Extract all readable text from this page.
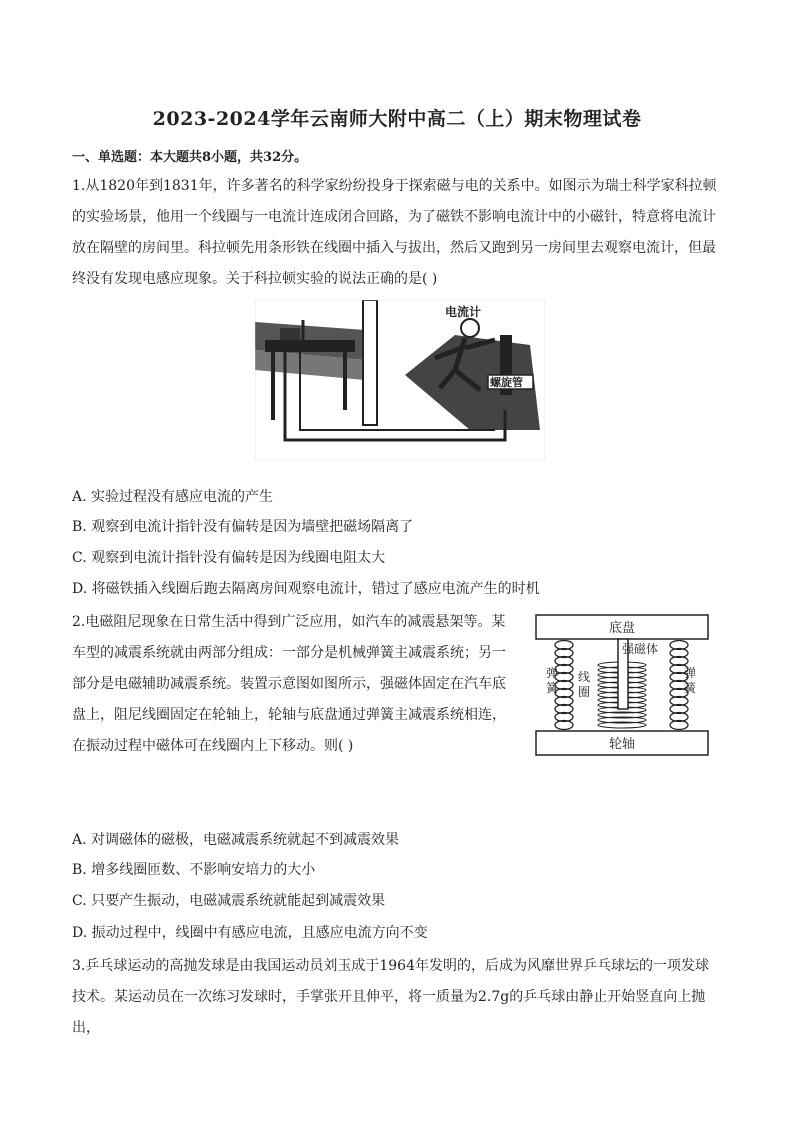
2023-2024学年云南师大附中高二（上）期末物理试卷
一、单选题：本大题共8小题，共32分。
1.从1820年到1831年，许多著名的科学家纷纷投身于探索磁与电的关系中。如图示为瑞士科学家科拉顿的实验场景，他用一个线圈与一电流计连成闭合回路，为了磁铁不影响电流计中的小磁针，特意将电流计放在隔壁的房间里。科拉顿先用条形铁在线圈中插入与拔出，然后又跑到另一房间里去观察电流计，但最终没有发现电感应现象。关于科拉顿实验的说法正确的是( )
电流计
螺旋管
A. 实验过程没有感应电流的产生
B. 观察到电流计指针没有偏转是因为墙壁把磁场隔离了
C. 观察到电流计指针没有偏转是因为线圈电阻太大
D. 将磁铁插入线圈后跑去隔离房间观察电流计，错过了感应电流产生的时机
2.电磁阻尼现象在日常生活中得到广泛应用，如汽车的减震悬架等。某车型的减震系统就由两部分组成：一部分是机械弹簧主减震系统；另一部分是电磁辅助减震系统。装置示意图如图所示，强磁体固定在汽车底盘上，阻尼线圈固定在轮轴上，轮轴与底盘通过弹簧主减震系统相连，在振动过程中磁体可在线圈内上下移动。则( )
底盘
轮轴
强磁体
弹簧
弹簧
线圈
A. 对调磁体的磁极，电磁减震系统就起不到减震效果
B. 增多线圈匝数、不影响安培力的大小
C. 只要产生振动，电磁减震系统就能起到减震效果
D. 振动过程中，线圈中有感应电流，且感应电流方向不变
3.乒乓球运动的高抛发球是由我国运动员刘玉成于1964年发明的，后成为风靡世界乒乓球坛的一项发球技术。某运动员在一次练习发球时，手掌张开且伸平，将一质量为2.7g的乒乓球由静止开始竖直向上抛出，
